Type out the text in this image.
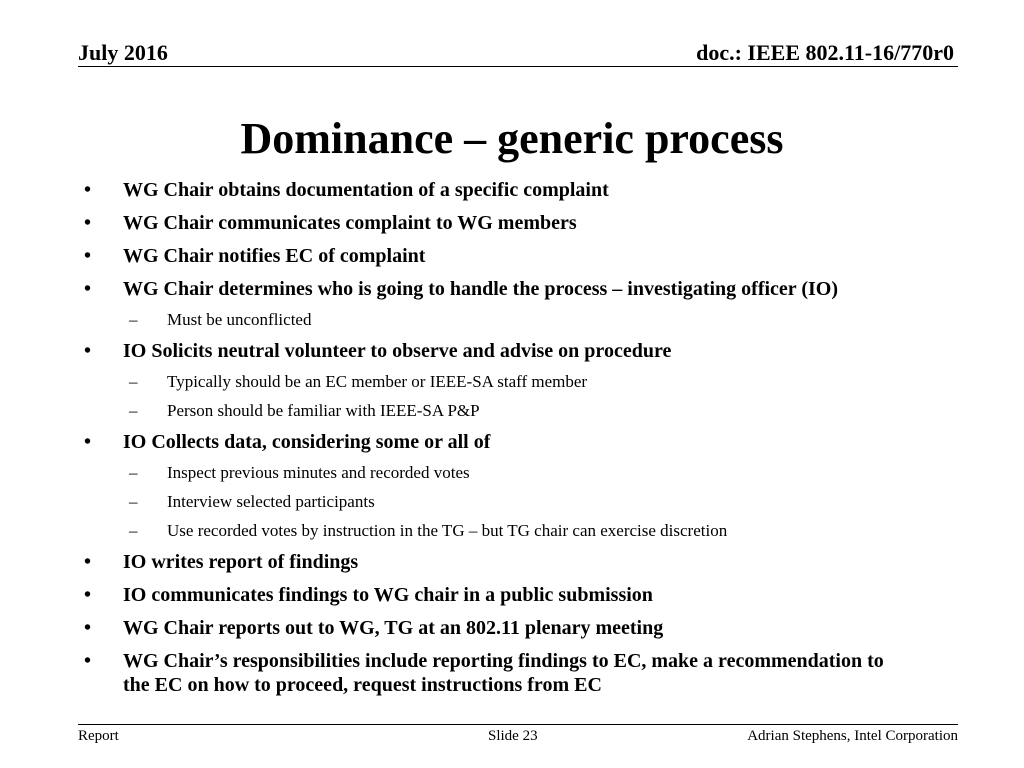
July 2016	doc.: IEEE 802.11-16/770r0
Dominance – generic process
• WG Chair obtains documentation of a specific complaint
• WG Chair communicates complaint to WG members
• WG Chair notifies EC of complaint
• WG Chair determines who is going to handle the process – investigating officer (IO)
– Must be unconflicted
• IO Solicits neutral volunteer to observe and advise on procedure
– Typically should be an EC member or IEEE-SA staff member
– Person should be familiar with IEEE-SA P&P
• IO Collects data, considering some or all of
– Inspect previous minutes and recorded votes
– Interview selected participants
– Use recorded votes by instruction in the TG – but TG chair can exercise discretion
• IO writes report of findings
• IO communicates findings to WG chair in a public submission
• WG Chair reports out to WG, TG at an 802.11 plenary meeting
• WG Chair’s responsibilities include reporting findings to EC, make a recommendation to the EC on how to proceed, request instructions from EC
Report	Slide 23	Adrian Stephens, Intel Corporation
